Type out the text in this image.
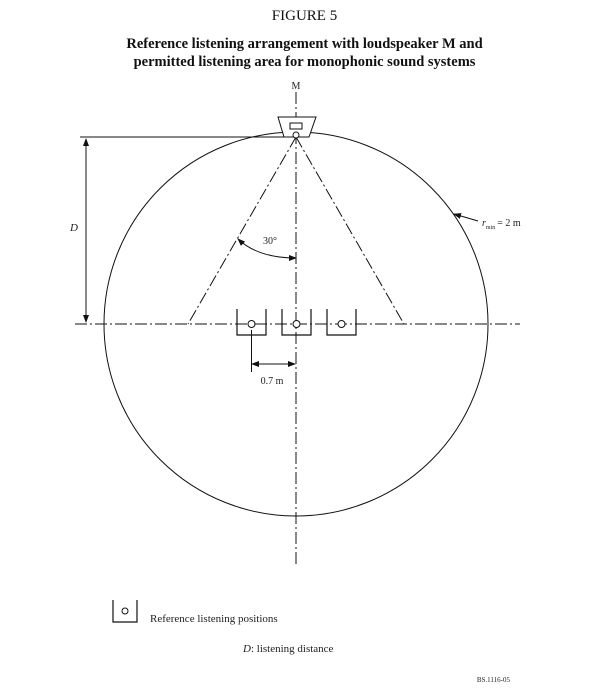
FIGURE 5
Reference listening arrangement with loudspeaker M and
permitted listening area for monophonic sound systems
M
D	$r_{min} = 2$ m
30°
0.7 m
Reference listening positions
D: listening distance
BS.1116-05
